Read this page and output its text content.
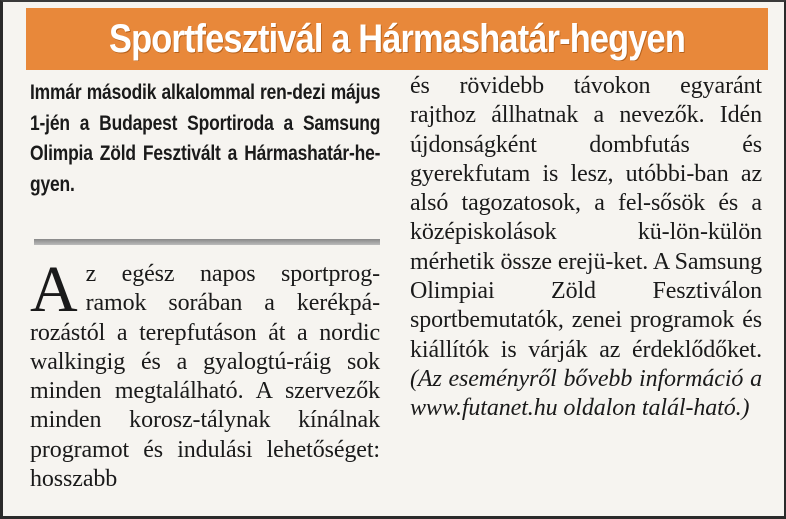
Sportfesztivál a Hármashatár-hegyen

Immár második alkalommal ren-dezi május 1-jén a Budapest Sportiroda a Samsung Olimpia Zöld Fesztivált a Hármashatár-he-gyen.

Az egész napos sportprog-ramok sorában a kerékpá-rozástól a terepfutáson át a nordic walkingig és a gyalogtú-ráig sok minden megtalálható. A szervezők minden korosz-tálynak kínálnak programot és indulási lehetőséget: hosszabb

és rövidebb távokon egyaránt rajthoz állhatnak a nevezők. Idén újdonságként dombfutás és gyerekfutam is lesz, utóbbi-ban az alsó tagozatosok, a fel-sősök és a középiskolások kü-lön-külön mérhetik össze erejü-ket. A Samsung Olimpiai Zöld Fesztiválon sportbemutatók, zenei programok és kiállítók is várják az érdeklődőket. (Az eseményről bővebb információ a www.futanet.hu oldalon talál-ható.)
